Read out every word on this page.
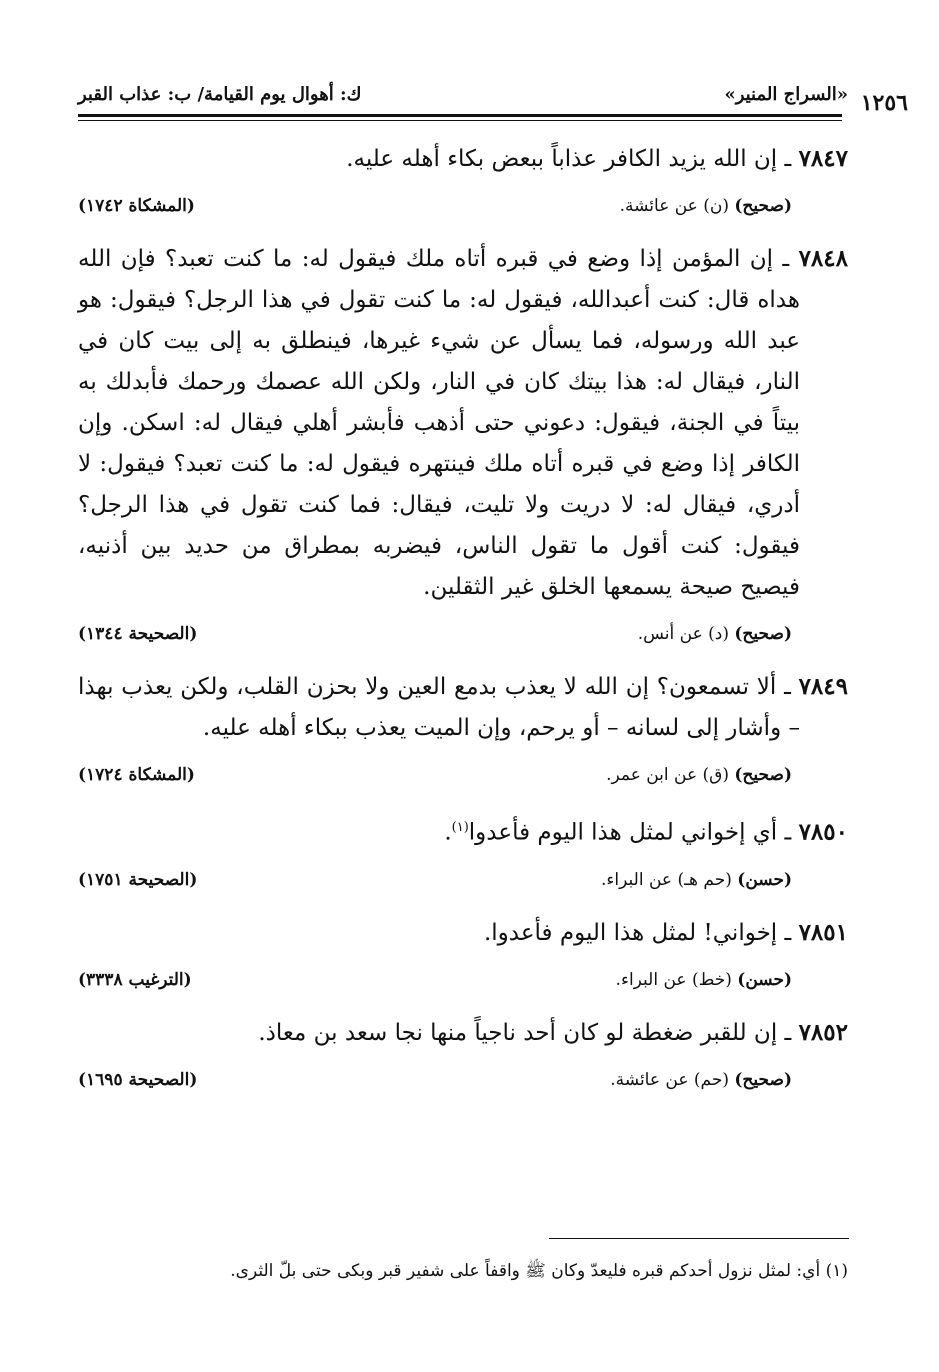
١٢٥٦
«السراج المنير»
ك: أهوال يوم القيامة/ ب: عذاب القبر

٧٨٤٧ ـ إن الله يزيد الكافر عذاباً ببعض بكاء أهله عليه.

(صحيح) (ن) عن عائشة.
(المشكاة ١٧٤٢)

٧٨٤٨ ـ إن المؤمن إذا وضع في قبره أتاه ملك فيقول له: ما كنت تعبد؟ فإن الله هداه قال: كنت أعبدالله، فيقول له: ما كنت تقول في هذا الرجل؟ فيقول: هو عبد الله ورسوله، فما يسأل عن شيء غيرها، فينطلق به إلى بيت كان في النار، فيقال له: هذا بيتك كان في النار، ولكن الله عصمك ورحمك فأبدلك به بيتاً في الجنة، فيقول: دعوني حتى أذهب فأبشر أهلي فيقال له: اسكن. وإن الكافر إذا وضع في قبره أتاه ملك فينتهره فيقول له: ما كنت تعبد؟ فيقول: لا أدري، فيقال له: لا دريت ولا تليت، فيقال: فما كنت تقول في هذا الرجل؟ فيقول: كنت أقول ما تقول الناس، فيضربه بمطراق من حديد بين أذنيه، فيصيح صيحة يسمعها الخلق غير الثقلين.

(صحيح) (د) عن أنس.
(الصحيحة ١٣٤٤)

٧٨٤٩ ـ ألا تسمعون؟ إن الله لا يعذب بدمع العين ولا بحزن القلب، ولكن يعذب بهذا – وأشار إلى لسانه – أو يرحم، وإن الميت يعذب ببكاء أهله عليه.

(صحيح) (ق) عن ابن عمر.
(المشكاة ١٧٢٤)

٧٨٥٠ ـ أي إخواني لمثل هذا اليوم فأعدوا$^{(١)}$.

(حسن) (حم هـ) عن البراء.
(الصحيحة ١٧٥١)

٧٨٥١ ـ إخواني! لمثل هذا اليوم فأعدوا.

(حسن) (خط) عن البراء.
(الترغيب ٣٣٣٨)

٧٨٥٢ ـ إن للقبر ضغطة لو كان أحد ناجياً منها نجا سعد بن معاذ.

(صحيح) (حم) عن عائشة.
(الصحيحة ١٦٩٥)
(١) أي: لمثل نزول أحدكم قبره فليعدّ وكان ﷺ واقفاً على شفير قبر وبكى حتى بلّ الثرى.
